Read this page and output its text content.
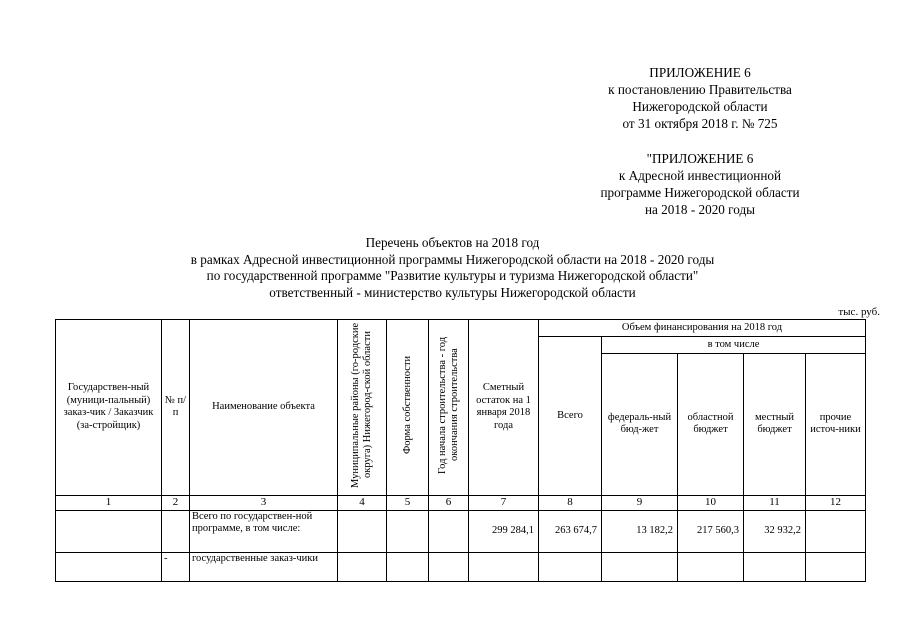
ПРИЛОЖЕНИЕ 6
к постановлению Правительства
Нижегородской области
от 31 октября 2018 г. № 725
"ПРИЛОЖЕНИЕ 6
к Адресной инвестиционной
программе Нижегородской области
на 2018 - 2020 годы
Перечень объектов на 2018 год
в рамках Адресной инвестиционной программы Нижегородской области на 2018 - 2020 годы
по государственной программе "Развитие культуры и туризма Нижегородской области"
ответственный - министерство культуры Нижегородской области
тыс. руб.
Государствен-ный (муници-пальный) заказ-чик / Заказчик (за-стройщик)	№ п/п	Наименование объекта	Муниципальные районы (го-родские округа) Нижегород-ской области	Форма собственности	Год начала строительства - год окончания строительства	Сметный остаток на 1 января 2018 года	Объем финансирования на 2018 год				
							Всего	в том числе			
								федераль-ный бюд-жет	областной бюджет	местный бюджет	прочие источ-ники
1	2	3	4	5	6	7	8	9	10	11	12
		Всего по государствен-ной программе, в том числе:				299 284,1	263 674,7	13 182,2	217 560,3	32 932,2	
	-	государственные заказ-чики									
